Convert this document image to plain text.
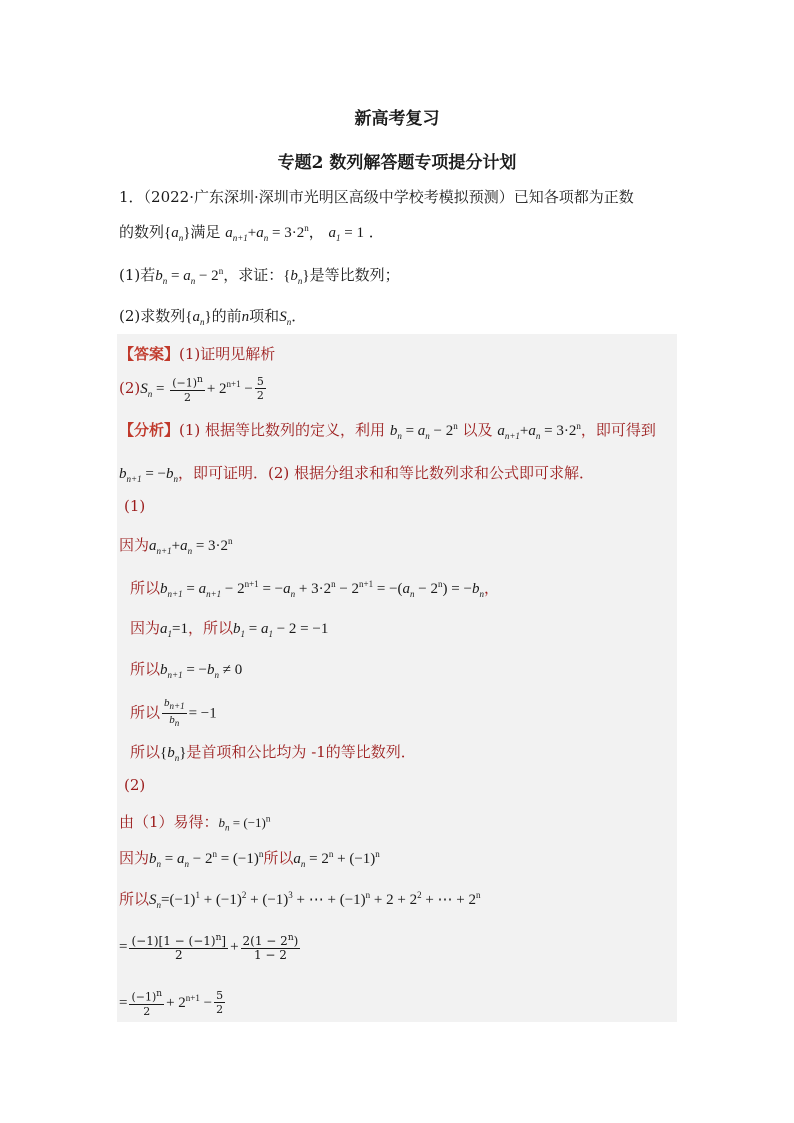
新高考复习
专题2 数列解答题专项提分计划
1．（2022·广东深圳·深圳市光明区高级中学校考模拟预测）已知各项都为正数
的数列$\{a_n\}$满足 $a_{n+1}+a_n = 3\cdot 2^n$， $a_1 = 1$ ．
(1)若$b_n = a_n - 2^n$，求证：$\{b_n\}$是等比数列；
(2)求数列$\{a_n\}$的前n项和$S_n$．
【答案】(1)证明见解析
$(2)S_n = \frac{(-1)^n}{2} + 2^{n+1} - \frac{5}{2}$
【分析】(1) 根据等比数列的定义，利用 $b_n = a_n - 2^n$ 以及 $a_{n+1}+a_n = 3\cdot 2^n$，即可得到
$b_{n+1} = -b_n$，即可证明．(2) 根据分组求和和等比数列求和公式即可求解．
(1)
因为$a_{n+1}+a_n = 3\cdot 2^n$
所以$b_{n+1} = a_{n+1} - 2^{n+1} = -a_n + 3\cdot 2^n - 2^{n+1} = -(a_n - 2^n) = -b_n$，
因为$a_1=1$，所以$b_1 = a_1 - 2 = -1$
所以$b_{n+1} = -b_n \ne 0$
所以 $\frac{b_{n+1}}{b_n} = -1$
所以$\{b_n\}$是首项和公比均为 -1的等比数列．
(2)
由（1）易得：$b_n = (-1)^n$
因为$b_n = a_n - 2^n = (-1)^n$所以$a_n = 2^n + (-1)^n$
所以$S_n=(-1)^1 + (-1)^2 + (-1)^3$ + ⋯ + $(-1)^n + 2 + 2^2$ + ⋯ + $2^n$
= $\frac{(-1)[1 - (-1)^n]}{2} + \frac{2(1 - 2^n)}{1 - 2}$
= $\frac{(-1)^n}{2} + 2^{n+1} - \frac{5}{2}$
